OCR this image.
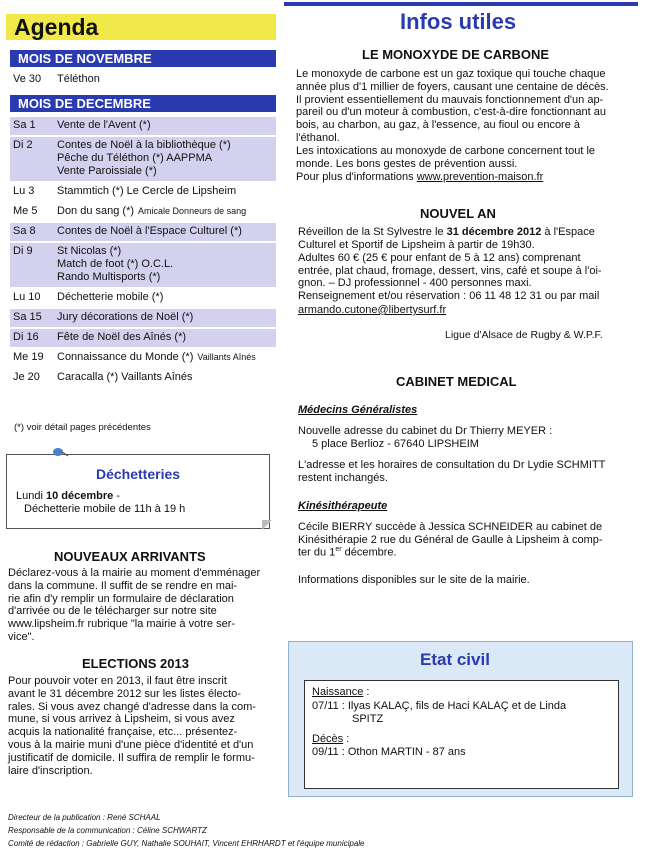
Agenda
MOIS DE NOVEMBRE
Ve 30 Téléthon
MOIS DE DECEMBRE
Sa 1 Vente de l'Avent (*)
Di 2 Contes de Noël à la bibliothèque (*)
Pêche du Téléthon (*) AAPPMA
Vente Paroissiale (*)
Lu 3 Stammtich (*) Le Cercle de Lipsheim
Me 5 Don du sang (*) Amicale Donneurs de sang
Sa 8 Contes de Noël à l'Espace Culturel (*)
Di 9 St Nicolas (*)
Match de foot (*) O.C.L.
Rando Multisports (*)
Lu 10 Déchetterie mobile (*)
Sa 15 Jury décorations de Noël (*)
Di 16 Fête de Noël des Aînés (*)
Me 19 Connaissance du Monde (*) Vaillants Aînés
Je 20 Caracalla (*) Vaillants Aînés
(*) voir détail pages précédentes
Déchetteries
Lundi 10 décembre -
Déchetterie mobile de 11h à 19 h
NOUVEAUX ARRIVANTS
Déclarez-vous à la mairie au moment d'emménager
dans la commune. Il suffit de se rendre en mai-
rie afin d'y remplir un formulaire de déclaration
d'arrivée ou de le télécharger sur notre site
www.lipsheim.fr rubrique "la mairie à votre ser-
vice".
ELECTIONS 2013
Pour pouvoir voter en 2013, il faut être inscrit
avant le 31 décembre 2012 sur les listes électo-
rales. Si vous avez changé d'adresse dans la com-
mune, si vous arrivez à Lipsheim, si vous avez
acquis la nationalité française, etc... présentez-
vous à la mairie muni d'une pièce d'identité et d'un
justificatif de domicile. Il suffira de remplir le formu-
laire d'inscription.
Directeur de la publication : René SCHAAL
Responsable de la communication : Céline SCHWARTZ
Comité de rédaction : Gabrielle GUY, Nathalie SOUHAIT, Vincent EHRHARDT et l'équipe municipale
Infos utiles
LE MONOXYDE DE CARBONE
Le monoxyde de carbone est un gaz toxique qui touche chaque
année plus d'1 millier de foyers, causant une centaine de décès.
Il provient essentiellement du mauvais fonctionnement d'un ap-
pareil ou d'un moteur à combustion, c'est-à-dire fonctionnant au
bois, au charbon, au gaz, à l'essence, au fioul ou encore à
l'éthanol.
Les intoxications au monoxyde de carbone concernent tout le
monde. Les bons gestes de prévention aussi.
Pour plus d'informations www.prevention-maison.fr
NOUVEL AN
Réveillon de la St Sylvestre le 31 décembre 2012 à l'Espace
Culturel et Sportif de Lipsheim à partir de 19h30.
Adultes 60 € (25 € pour enfant de 5 à 12 ans) comprenant
entrée, plat chaud, fromage, dessert, vins, café et soupe à l'oi-
gnon. – DJ professionnel - 400 personnes maxi.
Renseignement et/ou réservation : 06 11 48 12 31 ou par mail
armando.cutone@libertysurf.fr
Ligue d'Alsace de Rugby & W.P.F.
CABINET MEDICAL
Médecins Généralistes
Nouvelle adresse du cabinet du Dr Thierry MEYER :
5 place Berlioz - 67640 LIPSHEIM
L'adresse et les horaires de consultation du Dr Lydie SCHMITT
restent inchangés.
Kinésithérapeute
Cécile BIERRY succède à Jessica SCHNEIDER au cabinet de
Kinésithérapie 2 rue du Général de Gaulle à Lipsheim à comp-
ter du 1er décembre.
Informations disponibles sur le site de la mairie.
Etat civil
Naissance :
07/11 : Ilyas KALAÇ, fils de Haci KALAÇ et de Linda
SPITZ
Décès :
09/11 : Othon MARTIN - 87 ans
